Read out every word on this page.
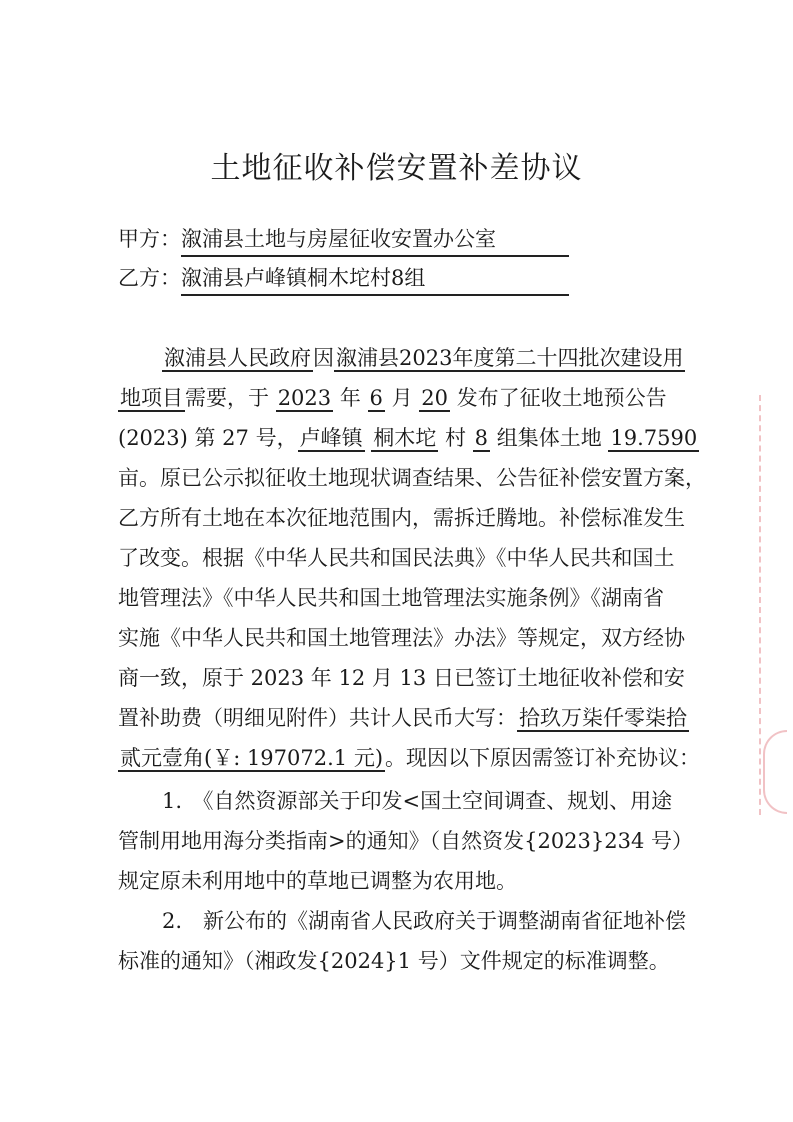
土地征收补偿安置补差协议
甲方：溆浦县土地与房屋征收安置办公室
乙方：溆浦县卢峰镇桐木坨村8组
溆浦县人民政府因溆浦县2023年度第二十四批次建设用
地项目需要，于 2023 年 6 月 20 发布了征收土地预公告
(2023) 第 27 号，卢峰镇 桐木坨 村 8 组集体土地 19.7590
亩。原已公示拟征收土地现状调查结果、公告征补偿安置方案，
乙方所有土地在本次征地范围内，需拆迁腾地。补偿标准发生
了改变。根据《中华人民共和国民法典》《中华人民共和国土
地管理法》《中华人民共和国土地管理法实施条例》《湖南省
实施《中华人民共和国土地管理法》办法》等规定，双方经协
商一致，原于 2023 年 12 月 13 日已签订土地征收补偿和安
置补助费（明细见附件）共计人民币大写：拾玖万柒仟零柒拾
贰元壹角(￥: 197072.1 元)。现因以下原因需签订补充协议：
1.　《自然资源部关于印发<国土空间调查、规划、用途
管制用地用海分类指南>的通知》（自然资发{2023}234 号）
规定原未利用地中的草地已调整为农用地。
2.　新公布的《湖南省人民政府关于调整湖南省征地补偿
标准的通知》（湘政发{2024}1 号）文件规定的标准调整。
